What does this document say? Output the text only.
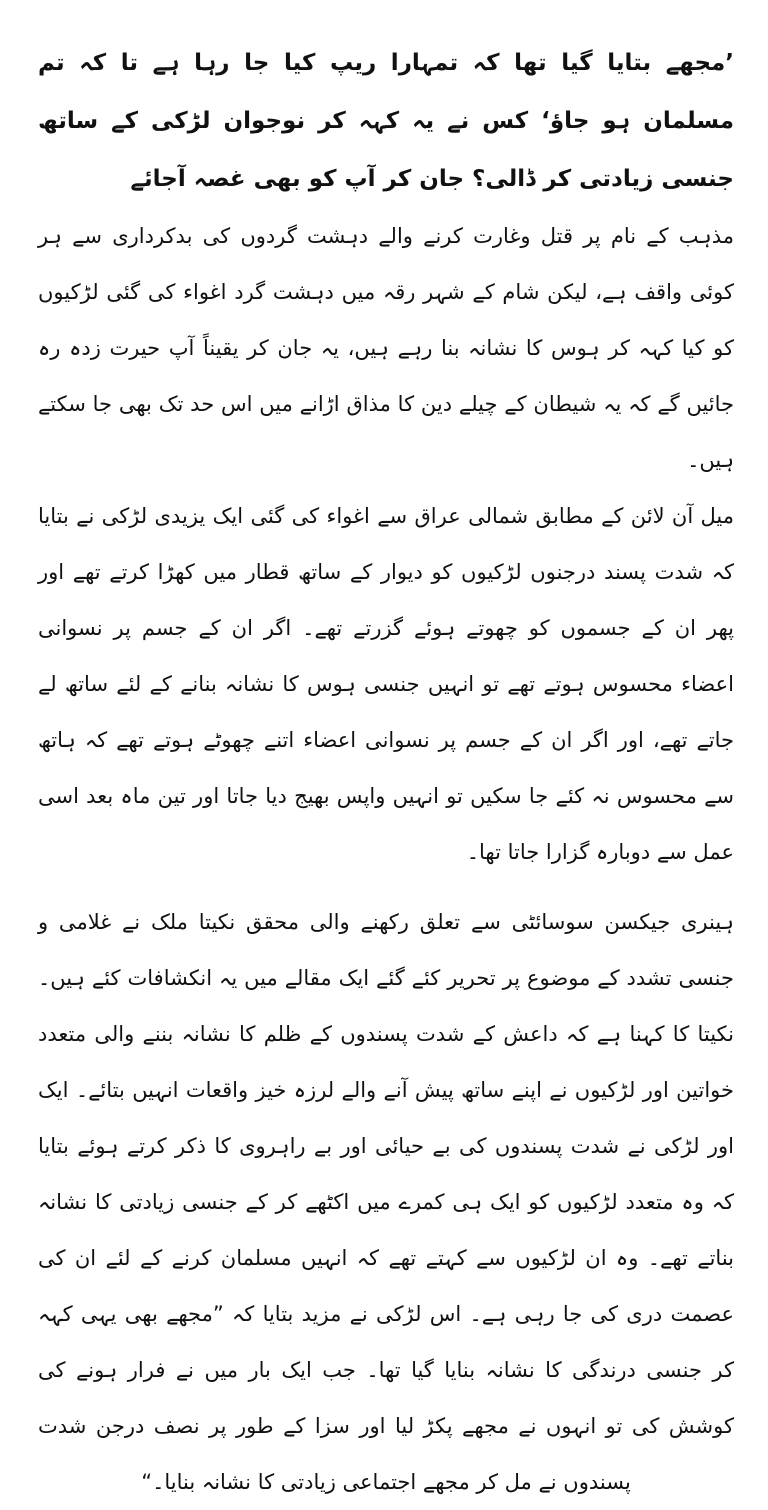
’مجھے بتایا گیا تھا کہ تمہارا ریپ کیا جا رہا ہے تا کہ تم مسلمان ہو جاؤ‘ کس نے یہ کہہ کر نوجوان لڑکی کے ساتھ جنسی زیادتی کر ڈالی؟ جان کر آپ کو بھی غصہ آجائے

مذہب کے نام پر قتل وغارت کرنے والے دہشت گردوں کی بدکرداری سے ہر کوئی واقف ہے، لیکن شام کے شہر رقہ میں دہشت گرد اغواء کی گئی لڑکیوں کو کیا کہہ کر ہوس کا نشانہ بنا رہے ہیں، یہ جان کر یقیناً آپ حیرت زدہ رہ جائیں گے کہ یہ شیطان کے چیلے دین کا مذاق اڑانے میں اس حد تک بھی جا سکتے ہیں۔

میل آن لائن کے مطابق شمالی عراق سے اغواء کی گئی ایک یزیدی لڑکی نے بتایا کہ شدت پسند درجنوں لڑکیوں کو دیوار کے ساتھ قطار میں کھڑا کرتے تھے اور پھر ان کے جسموں کو چھوتے ہوئے گزرتے تھے۔ اگر ان کے جسم پر نسوانی اعضاء محسوس ہوتے تھے تو انہیں جنسی ہوس کا نشانہ بنانے کے لئے ساتھ لے جاتے تھے، اور اگر ان کے جسم پر نسوانی اعضاء اتنے چھوٹے ہوتے تھے کہ ہاتھ سے محسوس نہ کئے جا سکیں تو انہیں واپس بھیج دیا جاتا اور تین ماہ بعد اسی عمل سے دوبارہ گزارا جاتا تھا۔

ہینری جیکسن سوسائٹی سے تعلق رکھنے والی محقق نکیتا ملک نے غلامی و جنسی تشدد کے موضوع پر تحریر کئے گئے ایک مقالے میں یہ انکشافات کئے ہیں۔ نکیتا کا کہنا ہے کہ داعش کے شدت پسندوں کے ظلم کا نشانہ بننے والی متعدد خواتین اور لڑکیوں نے اپنے ساتھ پیش آنے والے لرزہ خیز واقعات انہیں بتائے۔ ایک اور لڑکی نے شدت پسندوں کی بے حیائی اور بے راہروی کا ذکر کرتے ہوئے بتایا کہ وہ متعدد لڑکیوں کو ایک ہی کمرے میں اکٹھے کر کے جنسی زیادتی کا نشانہ بناتے تھے۔ وہ ان لڑکیوں سے کہتے تھے کہ انہیں مسلمان کرنے کے لئے ان کی عصمت دری کی جا رہی ہے۔ اس لڑکی نے مزید بتایا کہ ”مجھے بھی یہی کہہ کر جنسی درندگی کا نشانہ بنایا گیا تھا۔ جب ایک بار میں نے فرار ہونے کی کوشش کی تو انہوں نے مجھے پکڑ لیا اور سزا کے طور پر نصف درجن شدت پسندوں نے مل کر مجھے اجتماعی زیادتی کا نشانہ بنایا۔“
